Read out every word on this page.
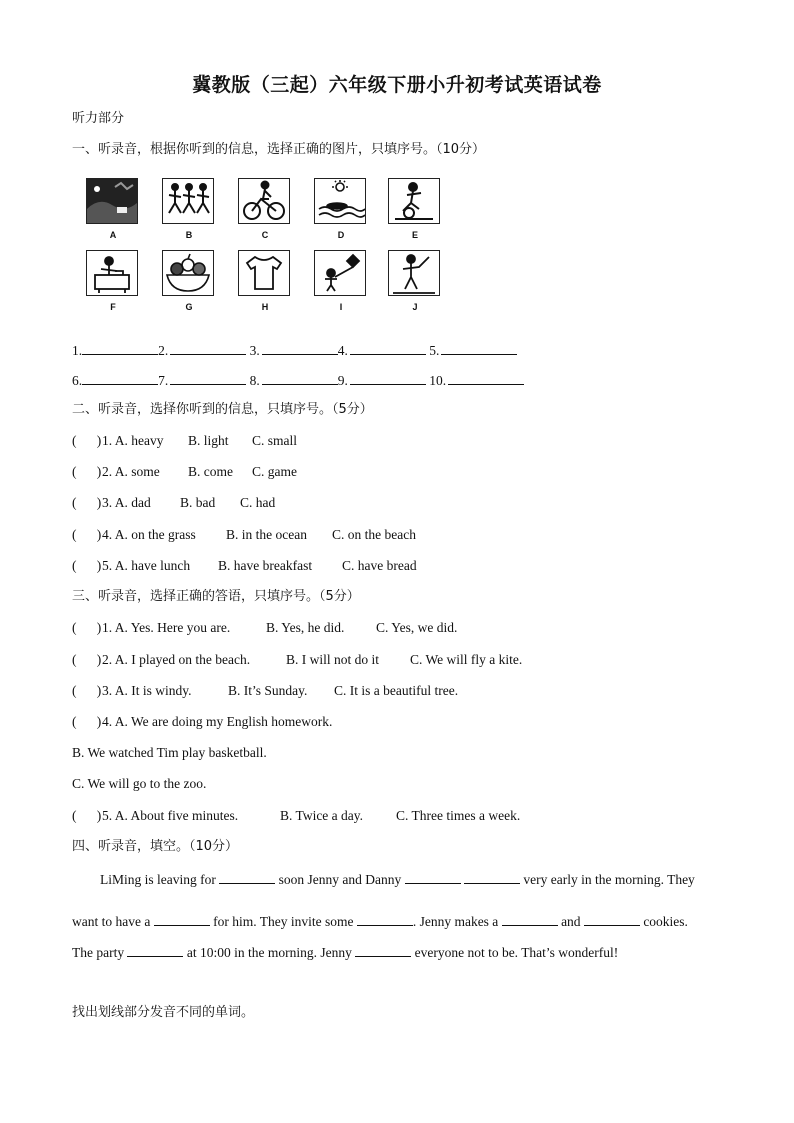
冀教版（三起）六年级下册小升初考试英语试卷
听力部分
一、听录音，根据你听到的信息，选择正确的图片，只填序号。（10分）
A	B	C	D	E
F	G	H	I	J
1.	2.	3.	4.	5.
6.	7.	8.	9.	10.
二、听录音，选择你听到的信息，只填序号。（5分）
(      )1. A. heavy B. light C. small
(      )2. A. some B. come C. game
(      )3. A. dad B. bad C. had
(      )4. A. on the grass B. in the ocean C. on the beach
(      )5. A. have lunch B. have breakfast C. have bread
三、听录音，选择正确的答语，只填序号。（5分）
(      )1. A. Yes. Here you are.	B. Yes, he did. C. Yes, we did.
(      )2. A. I played on the beach.	B. I will not do it C. We will fly a kite.
(      )3. A. It is windy.	B. It’s Sunday. C. It is a beautiful tree.
(      )4. A. We are doing my English homework.
B. We watched Tim play basketball.
C. We will go to the zoo.
(      )5. A. About five minutes.	B. Twice a day. C. Three times a week.
四、听录音，填空。（10分）
LiMing is leaving for	soon Jenny and Danny	very early in the morning. They
want to have a	for him. They invite some	. Jenny makes a	and	cookies.
The party	at 10:00 in the morning. Jenny	everyone not to be. That’s wonderful!
找出划线部分发音不同的单词。
